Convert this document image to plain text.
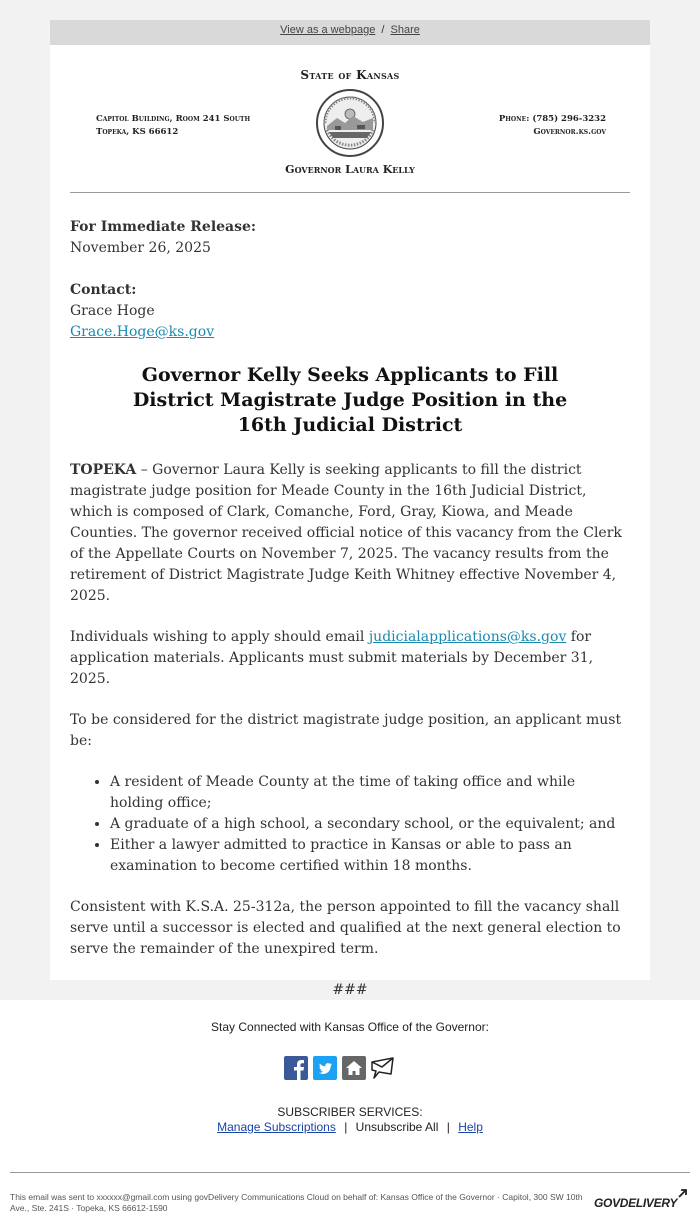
View as a webpage / Share
State of Kansas
Capitol Building, Room 241 South
Topeka, KS 66612
Phone: (785) 296-3232
Governor.ks.gov
Governor Laura Kelly
For Immediate Release:
November 26, 2025
Contact:
Grace Hoge
Grace.Hoge@ks.gov
Governor Kelly Seeks Applicants to Fill District Magistrate Judge Position in the 16th Judicial District

TOPEKA – Governor Laura Kelly is seeking applicants to fill the district magistrate judge position for Meade County in the 16th Judicial District, which is composed of Clark, Comanche, Ford, Gray, Kiowa, and Meade Counties. The governor received official notice of this vacancy from the Clerk of the Appellate Courts on November 7, 2025. The vacancy results from the retirement of District Magistrate Judge Keith Whitney effective November 4, 2025.

Individuals wishing to apply should email judicialapplications@ks.gov for application materials. Applicants must submit materials by December 31, 2025.

To be considered for the district magistrate judge position, an applicant must be:

• A resident of Meade County at the time of taking office and while holding office;
• A graduate of a high school, a secondary school, or the equivalent; and
• Either a lawyer admitted to practice in Kansas or able to pass an examination to become certified within 18 months.

Consistent with K.S.A. 25-312a, the person appointed to fill the vacancy shall serve until a successor is elected and qualified at the next general election to serve the remainder of the unexpired term.

###
Stay Connected with Kansas Office of the Governor:
SUBSCRIBER SERVICES:
Manage Subscriptions | Unsubscribe All | Help
This email was sent to xxxxxx@gmail.com using govDelivery Communications Cloud on behalf of: Kansas Office of the Governor · Capitol, 300 SW 10th Ave., Ste. 241S · Topeka, KS 66612-1590	GOVDELIVERY
